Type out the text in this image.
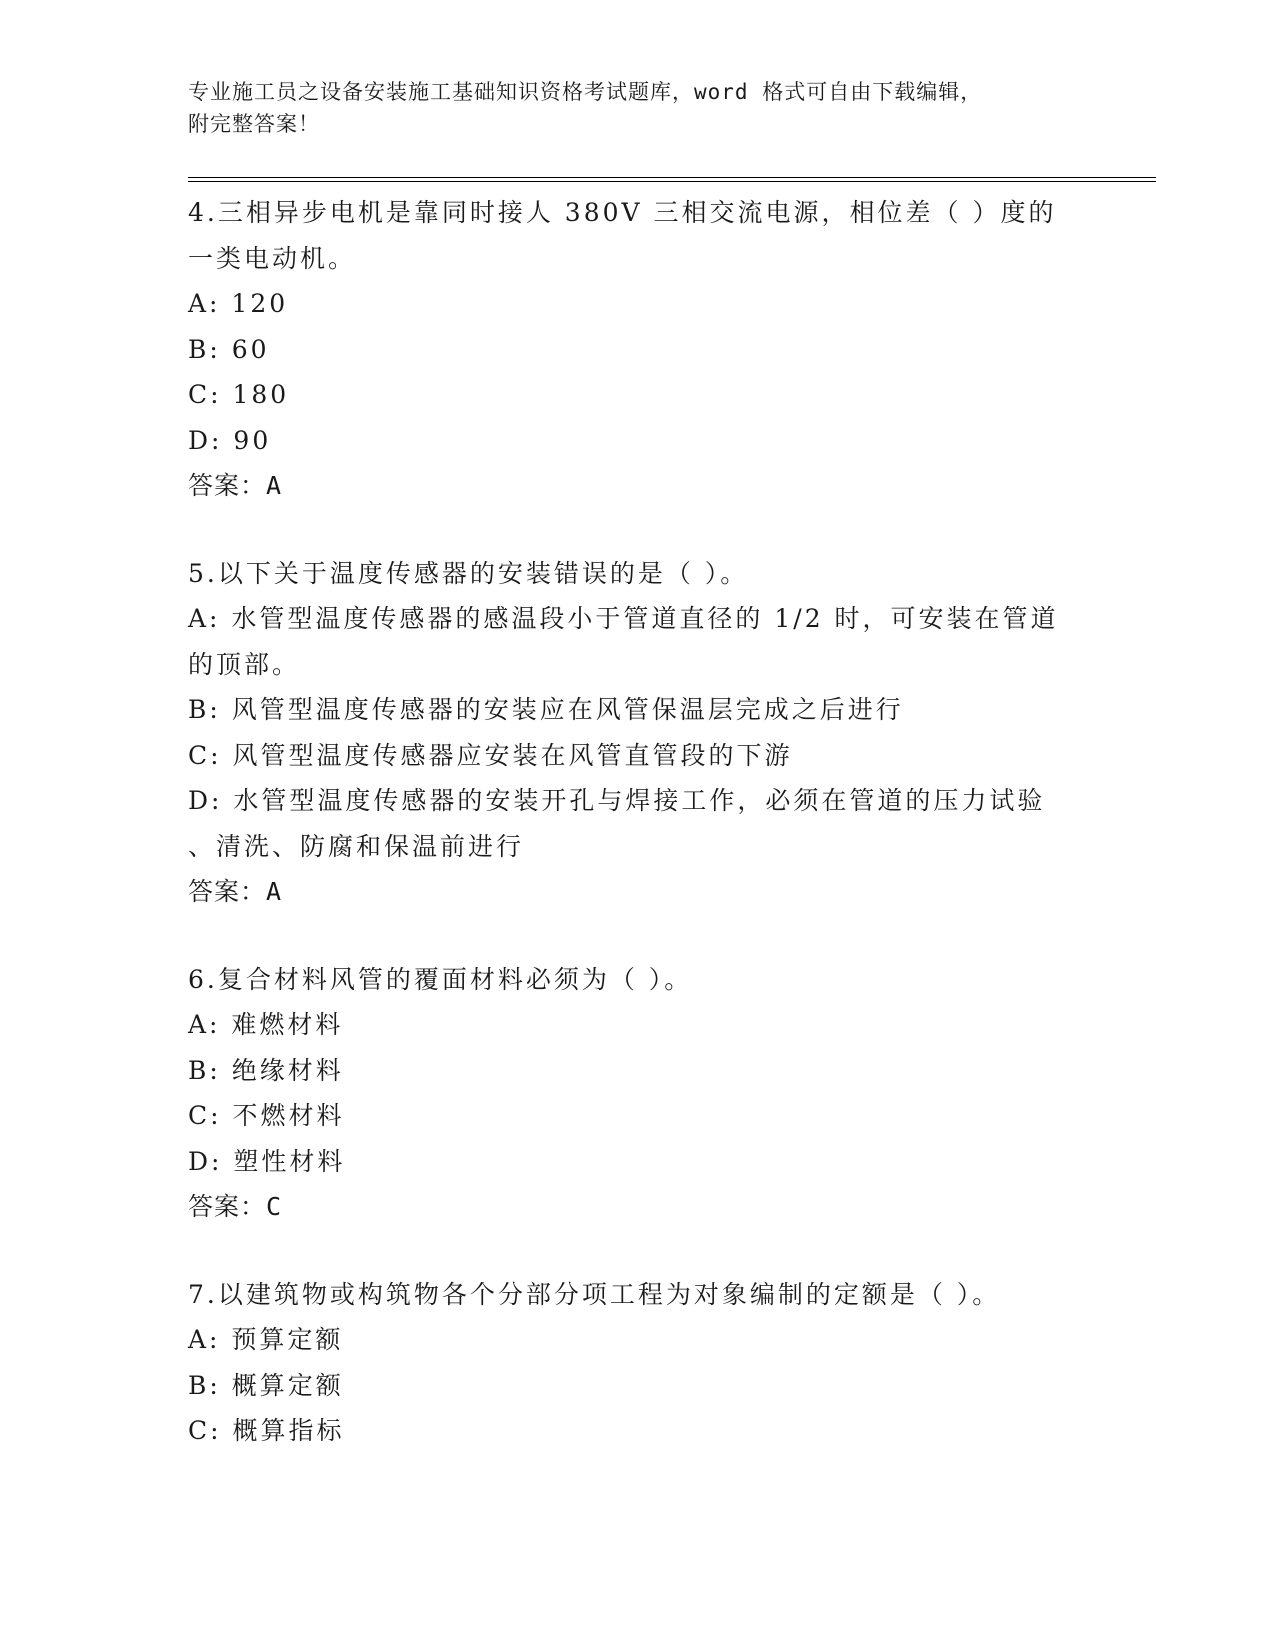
专业施工员之设备安装施工基础知识资格考试题库，word 格式可自由下载编辑，
附完整答案！
4.三相异步电机是靠同时接人 380V 三相交流电源，相位差（ ）度的
一类电动机。
A: 120
B: 60
C: 180
D: 90
答案：A
5.以下关于温度传感器的安装错误的是（ ）。
A: 水管型温度传感器的感温段小于管道直径的 1/2 时，可安装在管道
的顶部。
B: 风管型温度传感器的安装应在风管保温层完成之后进行
C: 风管型温度传感器应安装在风管直管段的下游
D: 水管型温度传感器的安装开孔与焊接工作，必须在管道的压力试验
、清洗、防腐和保温前进行
答案：A
6.复合材料风管的覆面材料必须为（ ）。
A: 难燃材料
B: 绝缘材料
C: 不燃材料
D: 塑性材料
答案：C
7.以建筑物或构筑物各个分部分项工程为对象编制的定额是（ ）。
A: 预算定额
B: 概算定额
C: 概算指标
